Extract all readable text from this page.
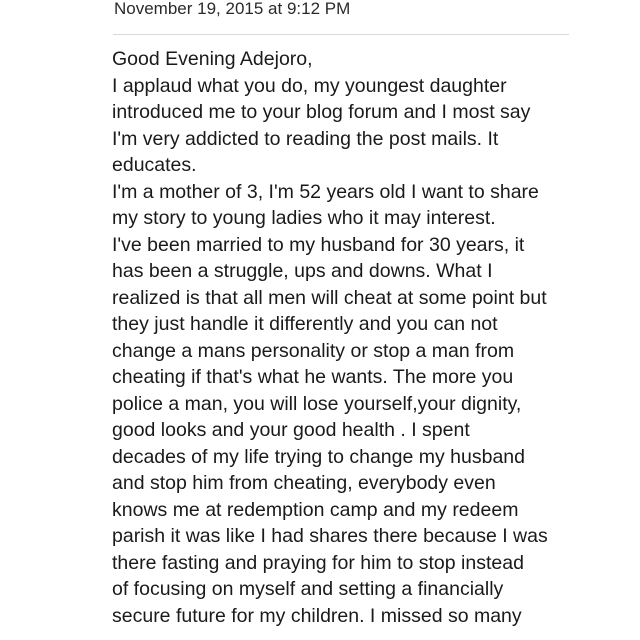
November 19, 2015 at 9:12 PM
Good Evening Adejoro,
I applaud what you do, my youngest daughter
introduced me to your blog forum and I most say
I'm very addicted to reading the post mails. It
educates.
I'm a mother of 3, I'm 52 years old I want to share
my story to young ladies who it may interest.
I've been married to my husband for 30 years, it
has been a struggle, ups and downs. What I
realized is that all men will cheat at some point but
they just handle it differently and you can not
change a mans personality or stop a man from
cheating if that's what he wants. The more you
police a man, you will lose yourself,your dignity,
good looks and your good health . I spent
decades of my life trying to change my husband
and stop him from cheating, everybody even
knows me at redemption camp and my redeem
parish it was like I had shares there because I was
there fasting and praying for him to stop instead
of focusing on myself and setting a financially
secure future for my children. I missed so many
